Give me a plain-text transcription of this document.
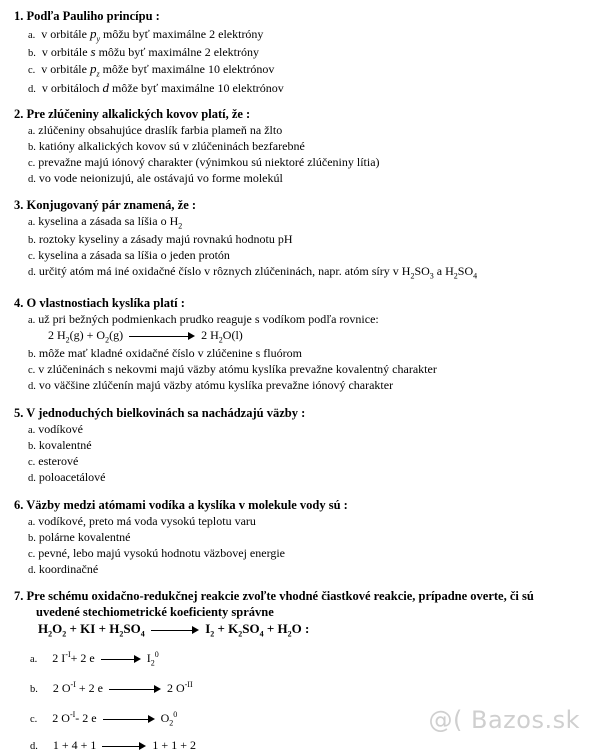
1. Podľa Pauliho princípu :
a. v orbitále $p_y$ môžu byť maximálne 2 elektróny
b. v orbitále s môžu byť maximálne 2 elektróny
c. v orbitále $p_z$ môže byť maximálne 10 elektrónov
d. v orbitáloch d môže byť maximálne 10 elektrónov
2. Pre zlúčeniny alkalických kovov platí, že :
a. zlúčeniny obsahujúce draslík farbia plameň na žlto
b. katióny alkalických kovov sú v zlúčeninách bezfarebné
c. prevažne majú iónový charakter (výnimkou sú niektoré zlúčeniny lítia)
d. vo vode neionizujú, ale ostávajú vo forme molekúl
3. Konjugovaný pár znamená, že :
a. kyselina a zásada sa líšia o $H_2$
b. roztoky kyseliny a zásady majú rovnakú hodnotu pH
c. kyselina a zásada sa líšia o jeden protón
d. určitý atóm má iné oxidačné číslo v rôznych zlúčeninách, napr. atóm síry v $H_2SO_3$ a $H_2SO_4$
4. O vlastnostiach kyslíka platí :
a. už pri bežných podmienkach prudko reaguje s vodíkom podľa rovnice:
2 $H_2(g) + O_2(g)$	2 $H_2O(l)$
b. môže mať kladné oxidačné číslo v zlúčenine s fluórom
c. v zlúčeninách s nekovmi majú väzby atómu kyslíka prevažne kovalentný charakter
d. vo väčšine zlúčenín majú väzby atómu kyslíka prevažne iónový charakter
5. V jednoduchých bielkovinách sa nachádzajú väzby :
a. vodíkové
b. kovalentné
c. esterové
d. poloacetálové
6. Väzby medzi atómami vodíka a kyslíka v molekule vody sú :
a. vodíkové, preto má voda vysokú teplotu varu
b. polárne kovalentné
c. pevné, lebo majú vysokú hodnotu väzbovej energie
d. koordinačné
7. Pre schému oxidačno-redukčnej reakcie zvoľte vhodné čiastkové reakcie, prípadne overte, či sú
uvedené stechiometrické koeficienty správne
$H_2O_2$ + KI + $H_2SO_4$	$I_2 + K_2SO_4 + H_2O$ :
a. 2 $I^{-I}+ 2$ e	$I_2^0$
b. 2 $O^{-I} + 2$ e	2 $O^{-II}$
c. 2 $O^{-I}-$ 2 e	$O_2^0$
d. 1 + 4 + 1	1 + 1 + 2
@( Bazos.sk
